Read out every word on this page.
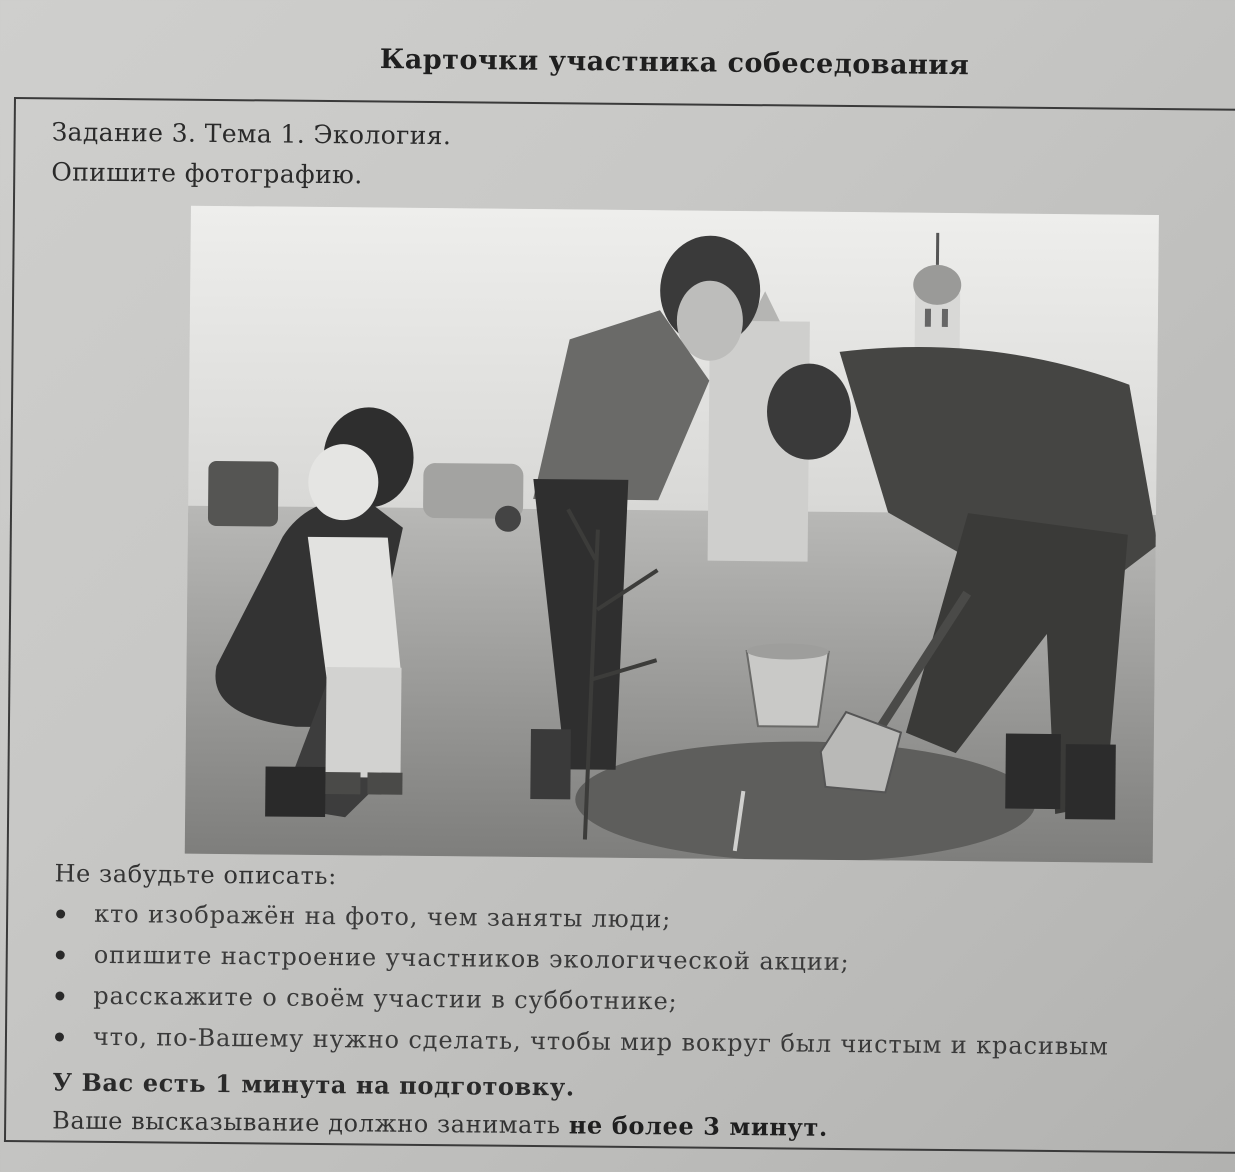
Карточки участника собеседования
Задание 3. Тема 1. Экология.
Опишите фотографию.
Не забудьте описать:
кто изображён на фото, чем заняты люди;
опишите настроение участников экологической акции;
расскажите о своём участии в субботнике;
что, по-Вашему нужно сделать, чтобы мир вокруг был чистым и красивым
У Вас есть 1 минута на подготовку.
Ваше высказывание должно занимать не более 3 минут.
